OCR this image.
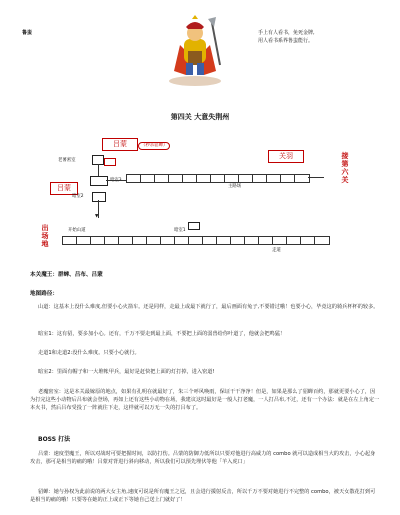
鲁蚩	手上有人看书，免死金牌,
用人看书系界鲁蚩能行。
第四关 大意失荆州
吕蒙	（秒杀貂蝉）
关羽
吕蒙
老薯密室
暗室2
主路场
▼
开始山道	暗室1
走道
出场地
接第六关
本关魔王：群蟀、吕布、吕蒙
地图路径：
山道：这基本上没什么难度,但要小心火箭车。还是同样，走最上或最下就行了，最后画面有兔子,不要错过哦！也要小心，毕竟这的骑兵杯杯的较多。
暗室1：这有貂，要多加小心。还有，千万不要走到最上面，不要把上面的弱兽给你叶道了，他就会把鸣猛！
走道1和走道2:没什么难度。只要小心就行。
暗室2：里面有帽子和一大堆帐甲兵，最好是赶快把上面的灯打掉，进入密道!
老魔密室：这是本关最嫁原的地点，如果有孔明在就最好了，朱三个呼风唤雨，保证干干净净！但是，如果是那么了貂蝉百约，那就更要小心了，因为打完这些小动物后吕布就会登场，再如上还有这些小动物在场，我建议这时最好是一般人打老魔，一人打吕布,不过，还有一个办法：就是在左上角定一本火书，然后吕布受投了一阵就往下走，这样就可以万无一失的打吕布了。
BOSS 打法
吕蒙：速度型魔王，所以对战时可要把握时间，以防打伤。吕蒙的防御力低所以只要对他进行高威力的 combo 就可以造成相当大的攻击，小心起身攻击，那可是相当的痛的哦！吕蒙对背进行斜向移动，所以我们可以预先埋伏等他「羊入虎口」
貂蝉：她与孙权为此前说的两大女主角,速度可说是所有魔王之冠，且会进行援射反击，所以千万不要对她进行不完整的 combo，被天女散花打到可是相当的痛的哦！只要等在她的正上或正下等她自己送上门就好了！
